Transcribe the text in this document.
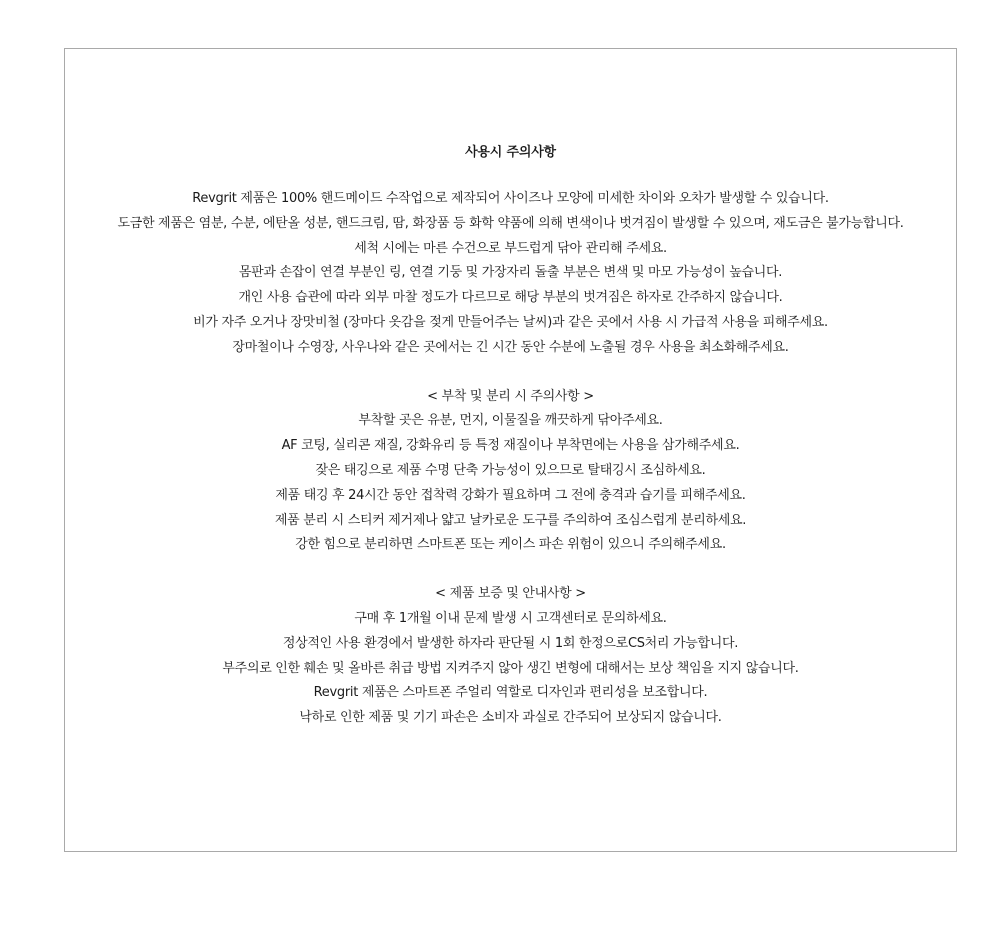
사용시 주의사항

Revgrit 제품은 100% 핸드메이드 수작업으로 제작되어 사이즈나 모양에 미세한 차이와 오차가 발생할 수 있습니다.

도금한 제품은 염분, 수분, 에탄올 성분, 핸드크림, 땀, 화장품 등 화학 약품에 의해 변색이나 벗겨짐이 발생할 수 있으며, 재도금은 불가능합니다.

세척 시에는 마른 수건으로 부드럽게 닦아 관리해 주세요.

몸판과 손잡이 연결 부분인 링, 연결 기둥 및 가장자리 돌출 부분은 변색 및 마모 가능성이 높습니다.

개인 사용 습관에 따라 외부 마찰 정도가 다르므로 해당 부분의 벗겨짐은 하자로 간주하지 않습니다.

비가 자주 오거나 장맛비철 (장마다 옷감을 젖게 만들어주는 날씨)과 같은 곳에서 사용 시 가급적 사용을 피해주세요.

장마철이나 수영장, 사우나와 같은 곳에서는 긴 시간 동안 수분에 노출될 경우 사용을 최소화해주세요.

< 부착 및 분리 시 주의사항 >

부착할 곳은 유분, 먼지, 이물질을 깨끗하게 닦아주세요.

AF 코팅, 실리콘 재질, 강화유리 등 특정 재질이나 부착면에는 사용을 삼가해주세요.

잦은 태깅으로 제품 수명 단축 가능성이 있으므로 탈태깅시 조심하세요.

제품 태깅 후 24시간 동안 접착력 강화가 필요하며 그 전에 충격과 습기를 피해주세요.

제품 분리 시 스티커 제거제나 얇고 날카로운 도구를 주의하여 조심스럽게 분리하세요.

강한 힘으로 분리하면 스마트폰 또는 케이스 파손 위험이 있으니 주의해주세요.

< 제품 보증 및 안내사항 >

구매 후 1개월 이내 문제 발생 시 고객센터로 문의하세요.

정상적인 사용 환경에서 발생한 하자라 판단될 시 1회 한정으로CS처리 가능합니다.

부주의로 인한 훼손 및 올바른 취급 방법 지켜주지 않아 생긴 변형에 대해서는 보상 책임을 지지 않습니다.

Revgrit 제품은 스마트폰 주얼리 역할로 디자인과 편리성을 보조합니다.

낙하로 인한 제품 및 기기 파손은 소비자 과실로 간주되어 보상되지 않습니다.
